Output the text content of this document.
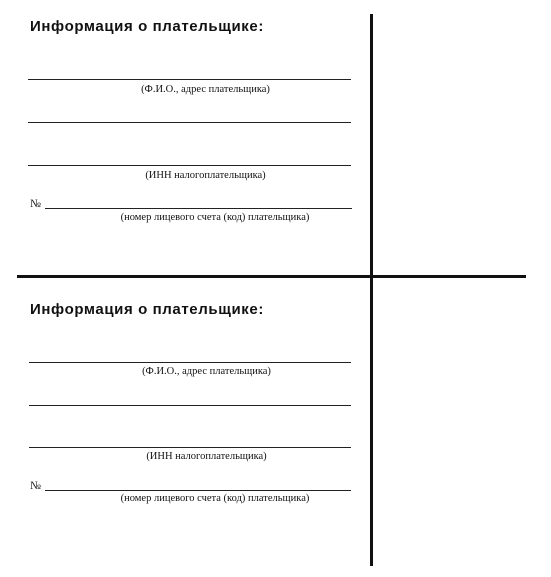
Информация о плательщике:
(Ф.И.О., адрес плательщика)
(ИНН налогоплательщика)
№
(номер лицевого счета (код) плательщика)
Информация о плательщике:
(Ф.И.О., адрес плательщика)
(ИНН налогоплательщика)
№
(номер лицевого счета (код) плательщика)
